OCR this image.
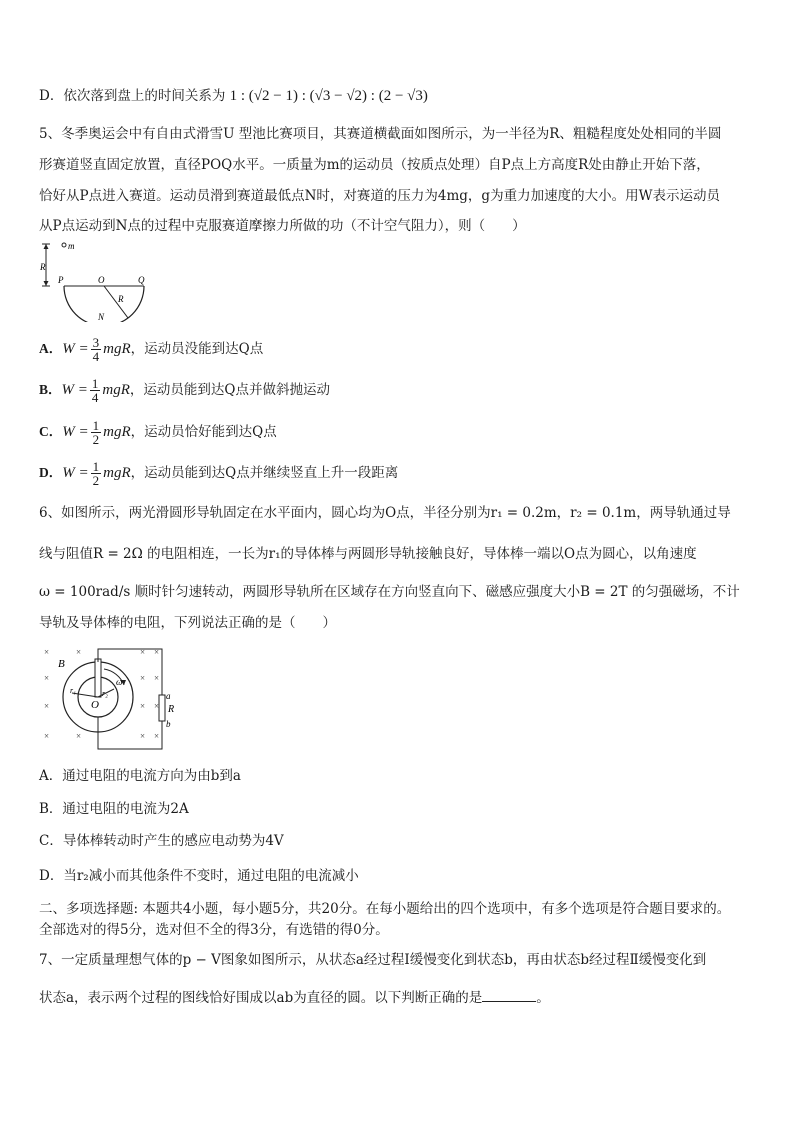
D．依次落到盘上的时间关系为 1 : (√2 − 1) : (√3 − √2) : (2 − √3)
5、冬季奥运会中有自由式滑雪U 型池比赛项目，其赛道横截面如图所示，为一半径为R、粗糙程度处处相同的半圆
形赛道竖直固定放置，直径POQ水平。一质量为m的运动员（按质点处理）自P点上方高度R处由静止开始下落，
恰好从P点进入赛道。运动员滑到赛道最低点N时，对赛道的压力为4mg，g为重力加速度的大小。用W表示运动员
从P点运动到N点的过程中克服赛道摩擦力所做的功（不计空气阻力），则（　　）
m
R
P	O	Q
R
N
A．$W = \frac{3}{4}$ mgR，运动员没能到达Q点
B．$W = \frac{1}{4}$ mgR，运动员能到达Q点并做斜抛运动
C．$W = \frac{1}{2}$ mgR，运动员恰好能到达Q点
D．$W = \frac{1}{2}$ mgR，运动员能到达Q点并继续竖直上升一段距离
6、如图所示，两光滑圆形导轨固定在水平面内，圆心均为O点，半径分别为r₁ = 0.2m，r₂ = 0.1m，两导轨通过导
线与阻值R = 2Ω 的电阻相连，一长为r₁的导体棒与两圆形导轨接触良好，导体棒一端以O点为圆心，以角速度
ω = 100rad/s 顺时针匀速转动，两圆形导轨所在区域存在方向竖直向下、磁感应强度大小B = 2T 的匀强磁场，不计
导轨及导体棒的电阻，下列说法正确的是（　　）
×	×	×
×	×
×	×
×	×	×
×
×
×
×
B
r₁	r₂
ω
O
a
R
b
A．通过电阻的电流方向为由b到a
B．通过电阻的电流为2A
C．导体棒转动时产生的感应电动势为4V
D．当r₂减小而其他条件不变时，通过电阻的电流减小
二、多项选择题: 本题共4小题，每小题5分，共20分。在每小题给出的四个选项中，有多个选项是符合题目要求的。
全部选对的得5分，选对但不全的得3分，有选错的得0分。
7、一定质量理想气体的p − V图象如图所示，从状态a经过程Ⅰ缓慢变化到状态b，再由状态b经过程Ⅱ缓慢变化到
状态a，表示两个过程的图线恰好围成以ab为直径的圆。以下判断正确的是	。
